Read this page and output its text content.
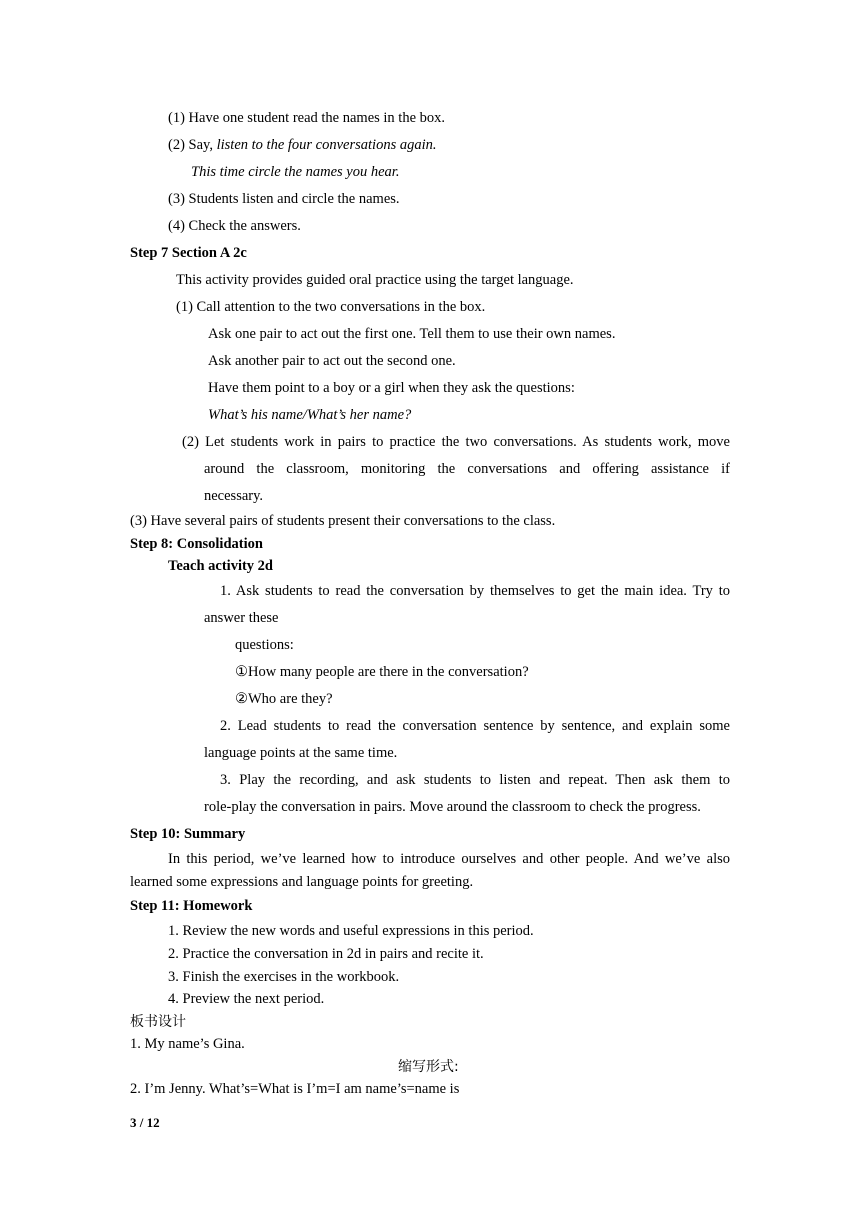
(1) Have one student read the names in the box.
(2) Say, listen to the four conversations again.
This time circle the names you hear.
(3) Students listen and circle the names.
(4) Check the answers.
Step 7 Section A 2c
This activity provides guided oral practice using the target language.
(1) Call attention to the two conversations in the box.
Ask one pair to act out the first one. Tell them to use their own names.
Ask another pair to act out the second one.
Have them point to a boy or a girl when they ask the questions:
What’s his name/What’s her name?
(2) Let students work in pairs to practice the two conversations. As students work, move
around the classroom, monitoring the conversations and offering assistance if
necessary.
(3) Have several pairs of students present their conversations to the class.
Step 8: Consolidation
Teach activity 2d
1. Ask students to read the conversation by themselves to get the main idea. Try to
answer these
questions:
①How many people are there in the conversation?
②Who are they?
2. Lead students to read the conversation sentence by sentence, and explain some
language points at the same time.
3. Play the recording, and ask students to listen and repeat. Then ask them to
role-play the conversation in pairs. Move around the classroom to check the progress.
Step 10: Summary
In this period, we’ve learned how to introduce ourselves and other people. And we’ve also
learned some expressions and language points for greeting.
Step 11: Homework
1. Review the new words and useful expressions in this period.
2. Practice the conversation in 2d in pairs and recite it.
3. Finish the exercises in the workbook.
4. Preview the next period.
板书设计
1. My name’s Gina.
缩写形式:
2. I’m Jenny. What’s=What is I’m=I am name’s=name is
3 / 12
